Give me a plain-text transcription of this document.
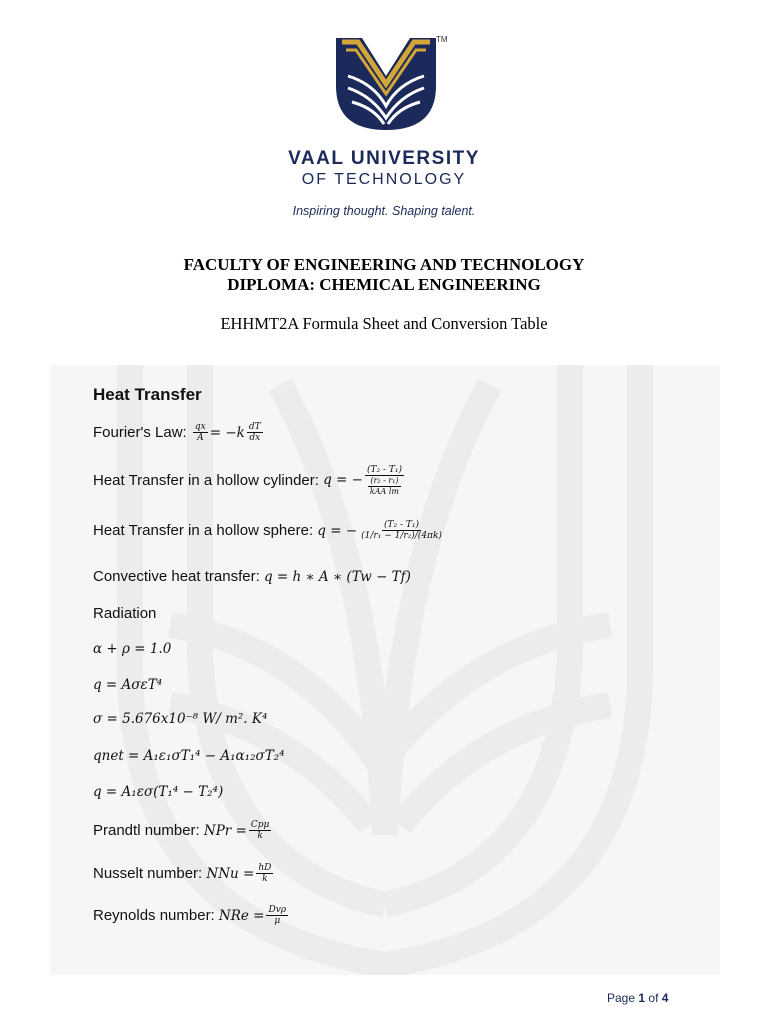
TM
VAAL UNIVERSITY
OF TECHNOLOGY
Inspiring thought. Shaping talent.
FACULTY OF ENGINEERING AND TECHNOLOGY
DIPLOMA: CHEMICAL ENGINEERING
EHHMT2A Formula Sheet and Conversion Table
Heat Transfer
Fourier's Law:
$\frac{qx}{A} = -k \frac{dT}{dx}$
Heat Transfer in a hollow cylinder:
q = − $\frac{\text{(T₂ - T₁)}}{\frac{\text{(r₂ - r₁)}}{\text{kAA lm}}}$
Heat Transfer in a hollow sphere:
q = − $\frac{\text{(T₂ - T₁)}}{\text{(1/r₁ − 1/r₂)/(4πk)}}$
Convective heat transfer:
q = h ∗ A ∗ (Tw − Tf)
Radiation
α + ρ = 1.0
q = AσεT⁴
σ = 5.676x10⁻⁸ W/ m². K⁴
qnet = A₁ε₁σT₁⁴ − A₁α₁₂σT₂⁴
q = A₁εσ(T₁⁴ − T₂⁴)
Prandtl number:
NPr = $\frac{\text{Cpμ}}{k}$
Nusselt number:
NNu = $\frac{hD}{k}$
Reynolds number:
NRe = $\frac{\text{Dvρ}}{\mu}$
Page 1 of 4
